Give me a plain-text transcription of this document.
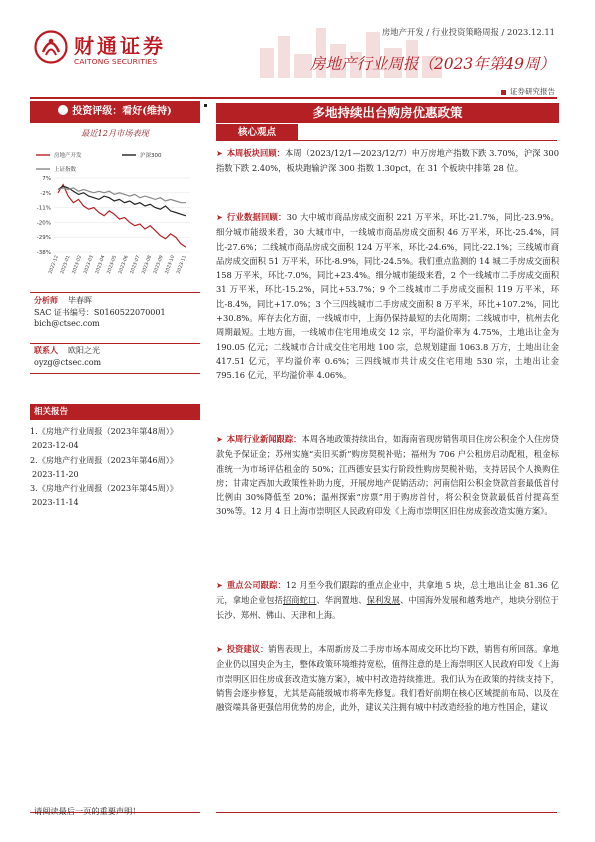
财通证券
CAITONG SECURITIES
房地产开发 / 行业投资策略周报 / 2023.12.11
房地产行业周报（2023年第49周）
证券研究报告
投资评级：看好(维持)
最近12月市场表现
房地产开发	沪深300
上证指数
7%
-2%
-11%
-20%
-29%
-38%
2022-12 2023-01 2023-02 2023-03 2023-04 2023-05 2023-06 2023-07 2023-08 2023-09 2023-10 2023-11
分析师 毕春晖
SAC 证书编号：S0160522070001
bich@ctsec.com
联系人 欧阳之光
oyzg@ctsec.com
相关报告
1.《房地产行业周报（2023年第48周）》
2023-12-04
2.《房地产行业周报（2023年第46周）》
2023-11-20
3.《房地产行业周报（2023年第45周）》
2023-11-14
多地持续出台购房优惠政策
核心观点
➤ 本周板块回顾：本周（2023/12/1—2023/12/7）申万房地产指数下跌 3.70%，沪深 300 指数下跌 2.40%，板块跑输沪深 300 指数 1.30pct，在 31 个板块中排第 28 位。
➤ 行业数据回顾：30 大中城市商品房成交面积 221 万平米，环比-21.7%，同比-23.9%。细分城市能级来看，30 大城市中，一线城市商品房成交面积 46 万平米，环比-25.4%，同比-27.6%；二线城市商品房成交面积 124 万平米，环比-24.6%，同比-22.1%；三线城市商品房成交面积 51 万平米，环比-8.9%，同比-24.5%。我们重点监测的 14 城二手房成交面积 158 万平米，环比-7.0%，同比+23.4%。细分城市能级来看，2 个一线城市二手房成交面积 31 万平米，环比-15.2%，同比+53.7%；9 个二线城市二手房成交面积 119 万平米，环比-8.4%，同比+17.0%；3 个三四线城市二手房成交面积 8 万平米，环比+107.2%，同比+30.8%。库存去化方面，一线城市中，上海仍保持最短的去化周期；二线城市中，杭州去化周期最短。土地方面，一线城市住宅用地成交 12 宗，平均溢价率为 4.75%，土地出让金为 190.05 亿元；二线城市合计成交住宅用地 100 宗，总规划建面 1063.8 万方，土地出让金 417.51 亿元，平均溢价率 0.6%；三四线城市共计成交住宅用地 530 宗，土地出让金 795.16 亿元，平均溢价率 4.06%。
➤ 本周行业新闻跟踪：本周各地政策持续出台，如海南省现房销售项目住房公积金个人住房贷款免予保证金；苏州实施“卖旧买新”购房契税补贴；福州为 706 户公租房启动配租，租金标准统一为市场评估租金的 50%；江西德安县实行阶段性购房契税补贴，支持居民个人换购住房；甘肃定西加大政策性补助力度，开展房地产促销活动；河南信阳公积金贷款首套最低首付比例由 30%降低至 20%；温州探索“房票”用于购房首付，将公积金贷款最低首付提高至 30%等。12 月 4 日上海市崇明区人民政府印发《上海市崇明区旧住房成套改造实施方案》。
➤ 重点公司跟踪：12 月至今我们跟踪的重点企业中，共拿地 5 块，总土地出让金 81.36 亿元，拿地企业包括招商蛇口、华润置地、保利发展、中国海外发展和越秀地产，地块分别位于长沙、郑州、佛山、天津和上海。
➤ 投资建议：销售表现上，本周新房及二手房市场本周成交环比均下跌，销售有所回落。拿地企业仍以国央企为主，整体政策环境维持宽松，值得注意的是上海崇明区人民政府印发《上海市崇明区旧住房成套改造实施方案》，城中村改造持续推进。我们认为在政策的持续支持下，销售会逐步修复，尤其是高能级城市将率先修复。我们看好前期在核心区域提前布局、以及在融资端具备更强信用优势的房企，此外，建议关注拥有城中村改造经验的地方性国企，建议
请阅读最后一页的重要声明！
